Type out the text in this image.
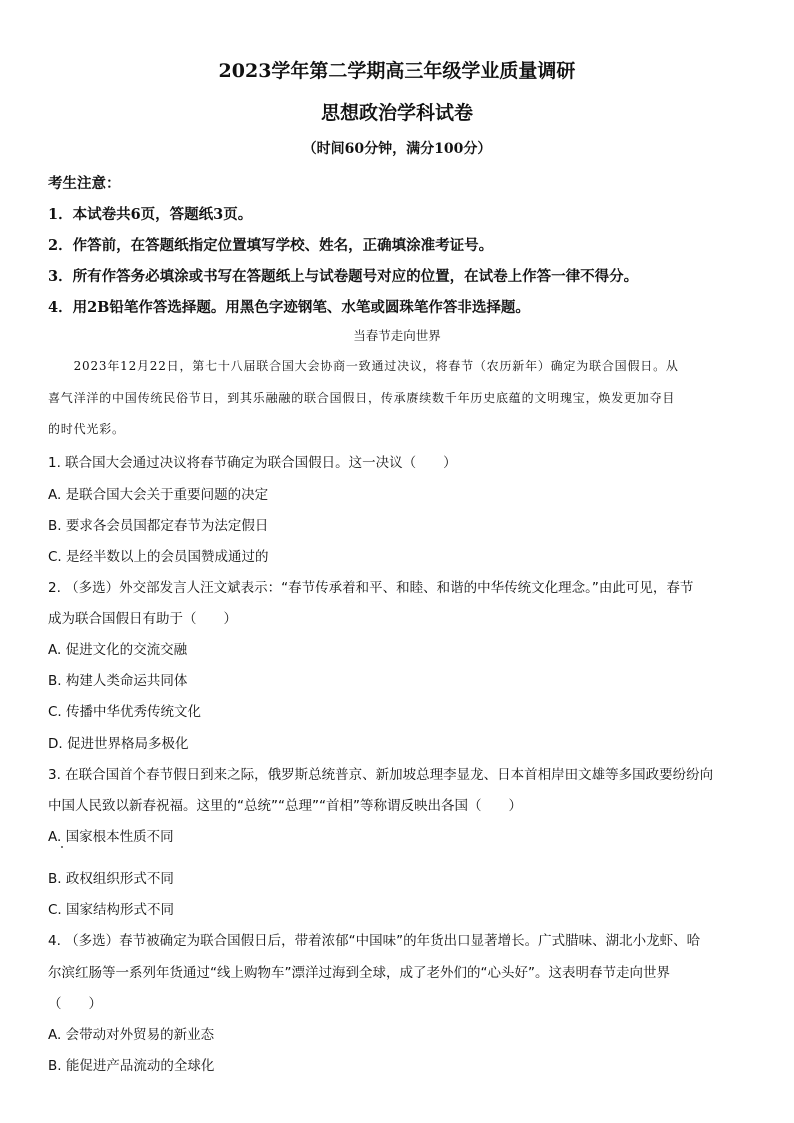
2023学年第二学期高三年级学业质量调研
思想政治学科试卷
（时间60分钟，满分100分）
考生注意：
1．本试卷共6页，答题纸3页。
2．作答前，在答题纸指定位置填写学校、姓名，正确填涂准考证号。
3．所有作答务必填涂或书写在答题纸上与试卷题号对应的位置，在试卷上作答一律不得分。
4．用2B铅笔作答选择题。用黑色字迹钢笔、水笔或圆珠笔作答非选择题。
当春节走向世界
　　2023年12月22日，第七十八届联合国大会协商一致通过决议，将春节（农历新年）确定为联合国假日。从
喜气洋洋的中国传统民俗节日，到其乐融融的联合国假日，传承赓续数千年历史底蕴的文明瑰宝，焕发更加夺目
的时代光彩。
1. 联合国大会通过决议将春节确定为联合国假日。这一决议（　　）
A. 是联合国大会关于重要问题的决定
B. 要求各会员国都定春节为法定假日
C. 是经半数以上的会员国赞成通过的
2. （多选）外交部发言人汪文斌表示：“春节传承着和平、和睦、和谐的中华传统文化理念。”由此可见，春节
成为联合国假日有助于（　　）
A. 促进文化的交流交融
B. 构建人类命运共同体
C. 传播中华优秀传统文化
D. 促进世界格局多极化
3. 在联合国首个春节假日到来之际，俄罗斯总统普京、新加坡总理李显龙、日本首相岸田文雄等多国政要纷纷向
中国人民致以新春祝福。这里的“总统”“总理”“首相”等称谓反映出各国（　　）
A. 国家根本性质不同
B. 政权组织形式不同
C. 国家结构形式不同
4. （多选）春节被确定为联合国假日后，带着浓郁“中国味”的年货出口显著增长。广式腊味、湖北小龙虾、哈
尔滨红肠等一系列年货通过“线上购物车”漂洋过海到全球，成了老外们的“心头好”。这表明春节走向世界
（　　）
A. 会带动对外贸易的新业态
B. 能促进产品流动的全球化
